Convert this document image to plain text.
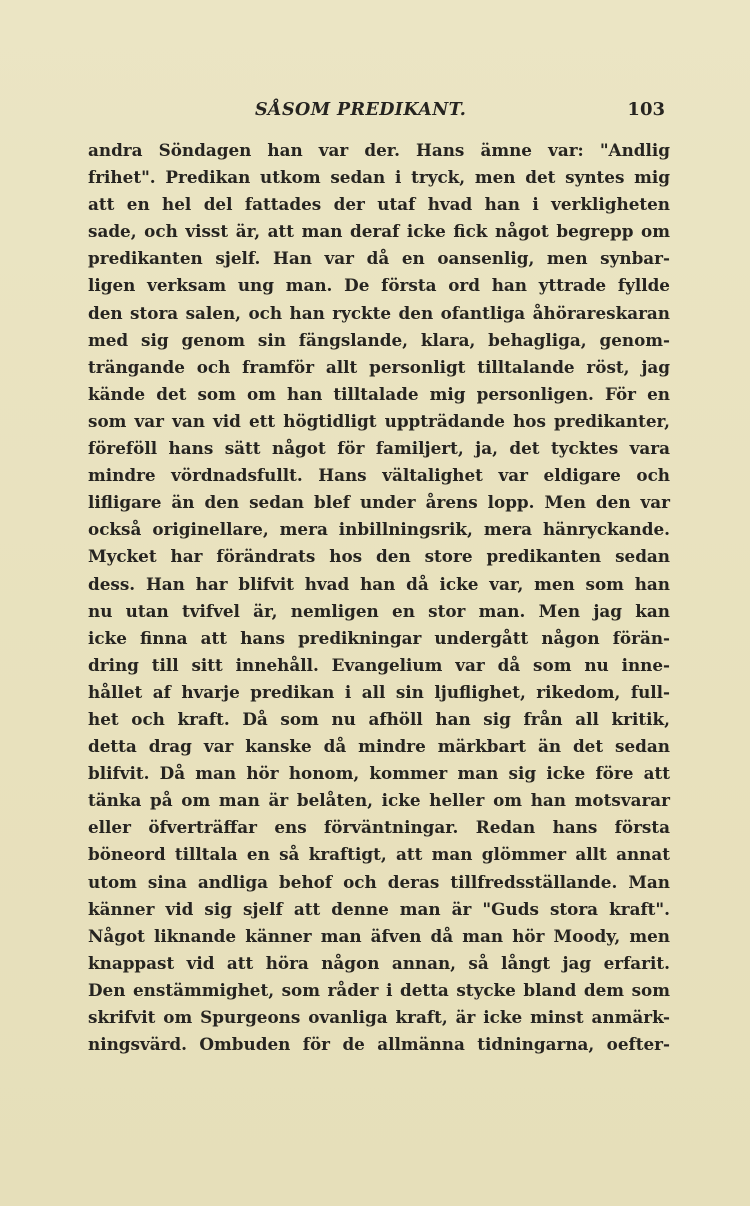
SÅSOM PREDIKANT.	103
andra Söndagen han var der. Hans ämne var: "Andlig
frihet". Predikan utkom sedan i tryck, men det syntes mig
att en hel del fattades der utaf hvad han i verkligheten
sade, och visst är, att man deraf icke fick något begrepp om
predikanten sjelf. Han var då en oansenlig, men synbar-
ligen verksam ung man. De första ord han yttrade fyllde
den stora salen, och han ryckte den ofantliga åhörareskaran
med sig genom sin fängslande, klara, behagliga, genom-
trängande och framför allt personligt tilltalande röst, jag
kände det som om han tilltalade mig personligen. För en
som var van vid ett högtidligt uppträdande hos predikanter,
föreföll hans sätt något för familjert, ja, det tycktes vara
mindre vördnadsfullt. Hans vältalighet var eldigare och
lifligare än den sedan blef under årens lopp. Men den var
också originellare, mera inbillningsrik, mera hänryckande.
Mycket har förändrats hos den store predikanten sedan
dess. Han har blifvit hvad han då icke var, men som han
nu utan tvifvel är, nemligen en stor man. Men jag kan
icke finna att hans predikningar undergått någon förän-
dring till sitt innehåll. Evangelium var då som nu inne-
hållet af hvarje predikan i all sin ljuflighet, rikedom, full-
het och kraft. Då som nu afhöll han sig från all kritik,
detta drag var kanske då mindre märkbart än det sedan
blifvit. Då man hör honom, kommer man sig icke före att
tänka på om man är belåten, icke heller om han motsvarar
eller öfverträffar ens förväntningar. Redan hans första
böneord tilltala en så kraftigt, att man glömmer allt annat
utom sina andliga behof och deras tillfredsställande. Man
känner vid sig sjelf att denne man är "Guds stora kraft".
Något liknande känner man äfven då man hör Moody, men
knappast vid att höra någon annan, så långt jag erfarit.
Den enstämmighet, som råder i detta stycke bland dem som
skrifvit om Spurgeons ovanliga kraft, är icke minst anmärk-
ningsvärd. Ombuden för de allmänna tidningarna, oefter-
